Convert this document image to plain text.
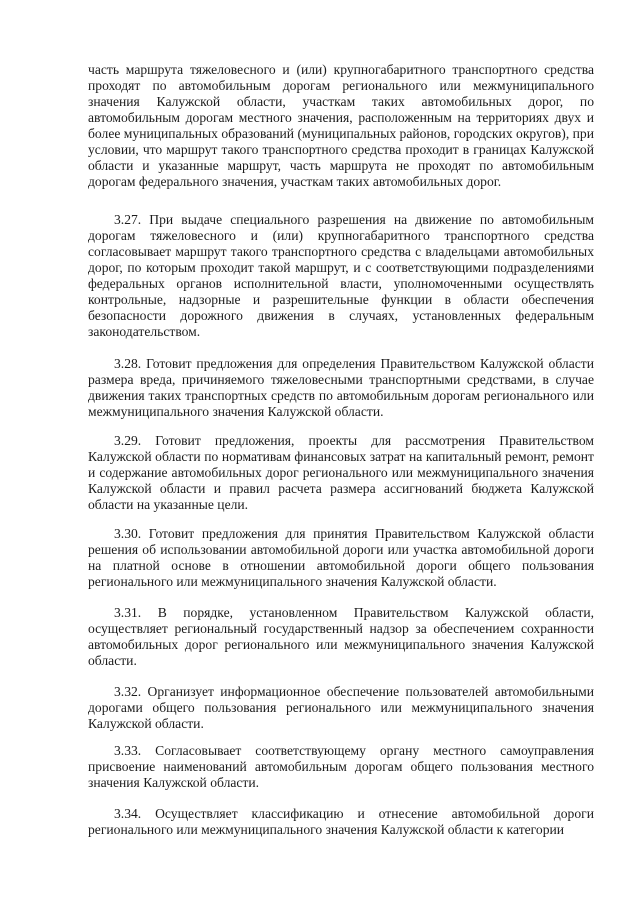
часть маршрута тяжеловесного и (или) крупногабаритного транспортного средства проходят по автомобильным дорогам регионального или межмуниципального значения Калужской области, участкам таких автомобильных дорог, по автомобильным дорогам местного значения, расположенным на территориях двух и более муниципальных образований (муниципальных районов, городских округов), при условии, что маршрут такого транспортного средства проходит в границах Калужской области и указанные маршрут, часть маршрута не проходят по автомобильным дорогам федерального значения, участкам таких автомобильных дорог.

3.27. При выдаче специального разрешения на движение по автомобильным дорогам тяжеловесного и (или) крупногабаритного транспортного средства согласовывает маршрут такого транспортного средства с владельцами автомобильных дорог, по которым проходит такой маршрут, и с соответствующими подразделениями федеральных органов исполнительной власти, уполномоченными осуществлять контрольные, надзорные и разрешительные функции в области обеспечения безопасности дорожного движения в случаях, установленных федеральным законодательством.

3.28. Готовит предложения для определения Правительством Калужской области размера вреда, причиняемого тяжеловесными транспортными средствами, в случае движения таких транспортных средств по автомобильным дорогам регионального или межмуниципального значения Калужской области.

3.29. Готовит предложения, проекты для рассмотрения Правительством Калужской области по нормативам финансовых затрат на капитальный ремонт, ремонт и содержание автомобильных дорог регионального или межмуниципального значения Калужской области и правил расчета размера ассигнований бюджета Калужской области на указанные цели.

3.30. Готовит предложения для принятия Правительством Калужской области решения об использовании автомобильной дороги или участка автомобильной дороги на платной основе в отношении автомобильной дороги общего пользования регионального или межмуниципального значения Калужской области.

3.31. В порядке, установленном Правительством Калужской области, осуществляет региональный государственный надзор за обеспечением сохранности автомобильных дорог регионального или межмуниципального значения Калужской области.

3.32. Организует информационное обеспечение пользователей автомобильными дорогами общего пользования регионального или межмуниципального значения Калужской области.

3.33. Согласовывает соответствующему органу местного самоуправления присвоение наименований автомобильным дорогам общего пользования местного значения Калужской области.

3.34. Осуществляет классификацию и отнесение автомобильной дороги регионального или межмуниципального значения Калужской области к категории
